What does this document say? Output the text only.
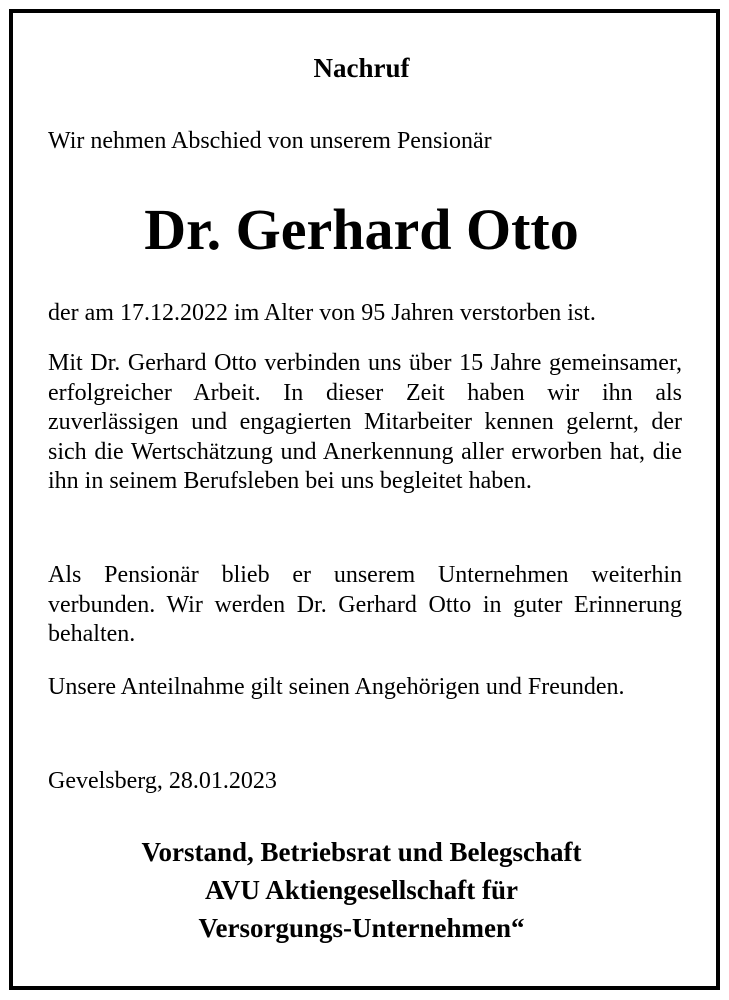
Nachruf
Wir nehmen Abschied von unserem Pensionär
Dr. Gerhard Otto
der am 17.12.2022 im Alter von 95 Jahren verstorben ist.
Mit Dr. Gerhard Otto verbinden uns über 15 Jahre gemeinsamer, erfolgreicher Arbeit. In dieser Zeit haben wir ihn als zuverlässigen und engagierten Mitarbeiter kennen gelernt, der sich die Wertschätzung und Anerkennung aller erworben hat, die ihn in seinem Berufsleben bei uns begleitet haben.
Als Pensionär blieb er unserem Unternehmen weiterhin verbunden. Wir werden Dr. Gerhard Otto in guter Erinnerung behalten.
Unsere Anteilnahme gilt seinen Angehörigen und Freunden.
Gevelsberg, 28.01.2023
Vorstand, Betriebsrat und Belegschaft
AVU Aktiengesellschaft für
Versorgungs-Unternehmen“
